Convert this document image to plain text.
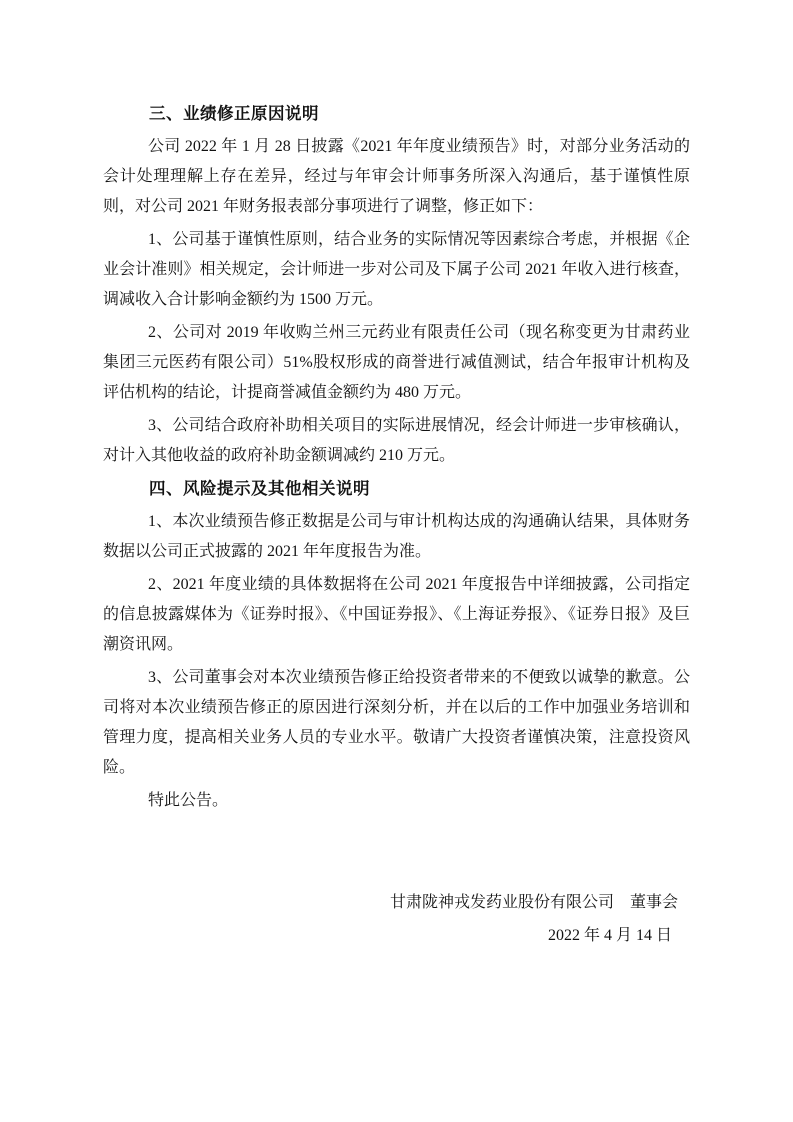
三、业绩修正原因说明

公司 2022 年 1 月 28 日披露《2021 年年度业绩预告》时，对部分业务活动的会计处理理解上存在差异，经过与年审会计师事务所深入沟通后，基于谨慎性原则，对公司 2021 年财务报表部分事项进行了调整，修正如下：

1、公司基于谨慎性原则，结合业务的实际情况等因素综合考虑，并根据《企业会计准则》相关规定，会计师进一步对公司及下属子公司 2021 年收入进行核查，调减收入合计影响金额约为 1500 万元。

2、公司对 2019 年收购兰州三元药业有限责任公司（现名称变更为甘肃药业集团三元医药有限公司）51%股权形成的商誉进行减值测试，结合年报审计机构及评估机构的结论，计提商誉减值金额约为 480 万元。

3、公司结合政府补助相关项目的实际进展情况，经会计师进一步审核确认，对计入其他收益的政府补助金额调减约 210 万元。

四、风险提示及其他相关说明

1、本次业绩预告修正数据是公司与审计机构达成的沟通确认结果，具体财务数据以公司正式披露的 2021 年年度报告为准。

2、2021 年度业绩的具体数据将在公司 2021 年度报告中详细披露，公司指定的信息披露媒体为《证券时报》、《中国证券报》、《上海证券报》、《证券日报》及巨潮资讯网。

3、公司董事会对本次业绩预告修正给投资者带来的不便致以诚挚的歉意。公司将对本次业绩预告修正的原因进行深刻分析，并在以后的工作中加强业务培训和管理力度，提高相关业务人员的专业水平。敬请广大投资者谨慎决策，注意投资风险。

特此公告。

甘肃陇神戎发药业股份有限公司　董事会

2022 年 4 月 14 日
